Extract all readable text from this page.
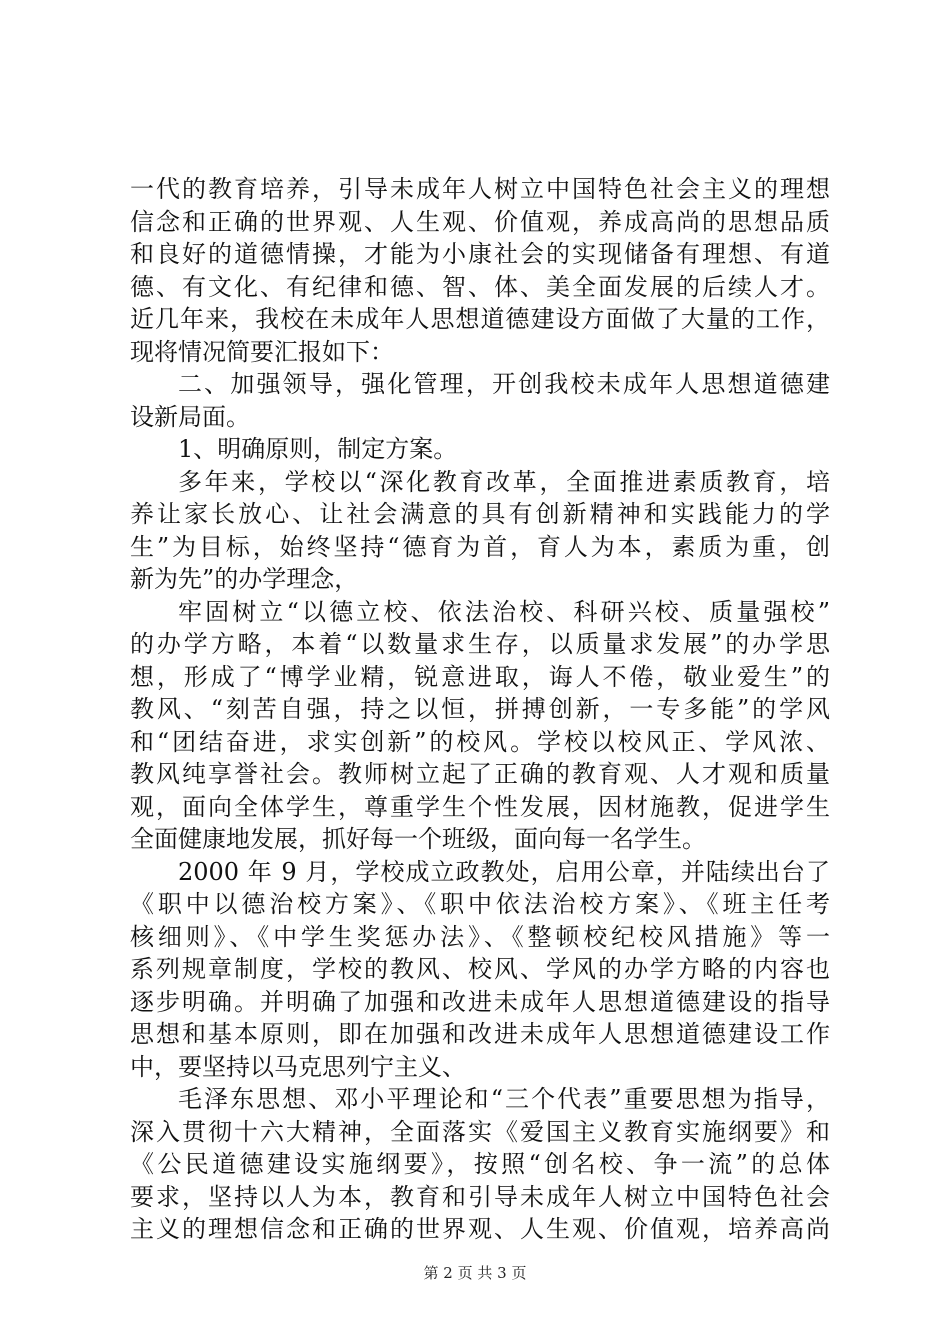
一代的教育培养，引导未成年人树立中国特色社会主义的理想
信念和正确的世界观、人生观、价值观，养成高尚的思想品质
和良好的道德情操，才能为小康社会的实现储备有理想、有道
德、有文化、有纪律和德、智、体、美全面发展的后续人才。
近几年来，我校在未成年人思想道德建设方面做了大量的工作，
现将情况简要汇报如下：
二、加强领导，强化管理，开创我校未成年人思想道德建
设新局面。
1、明确原则，制定方案。
多年来，学校以“深化教育改革，全面推进素质教育，培
养让家长放心、让社会满意的具有创新精神和实践能力的学
生”为目标，始终坚持“德育为首，育人为本，素质为重，创
新为先”的办学理念，
牢固树立“以德立校、依法治校、科研兴校、质量强校”
的办学方略，本着“以数量求生存，以质量求发展”的办学思
想，形成了“博学业精，锐意进取，诲人不倦，敬业爱生”的
教风、“刻苦自强，持之以恒，拼搏创新，一专多能”的学风
和“团结奋进，求实创新”的校风。学校以校风正、学风浓、
教风纯享誉社会。教师树立起了正确的教育观、人才观和质量
观，面向全体学生，尊重学生个性发展，因材施教，促进学生
全面健康地发展，抓好每一个班级，面向每一名学生。
2000 年 9 月，学校成立政教处，启用公章，并陆续出台了
《职中以德治校方案》、《职中依法治校方案》、《班主任考
核细则》、《中学生奖惩办法》、《整顿校纪校风措施》等一
系列规章制度，学校的教风、校风、学风的办学方略的内容也
逐步明确。并明确了加强和改进未成年人思想道德建设的指导
思想和基本原则，即在加强和改进未成年人思想道德建设工作
中，要坚持以马克思列宁主义、
毛泽东思想、邓小平理论和“三个代表”重要思想为指导，
深入贯彻十六大精神，全面落实《爱国主义教育实施纲要》和
《公民道德建设实施纲要》，按照“创名校、争一流”的总体
要求，坚持以人为本，教育和引导未成年人树立中国特色社会
主义的理想信念和正确的世界观、人生观、价值观，培养高尚
第 2 页 共 3 页
